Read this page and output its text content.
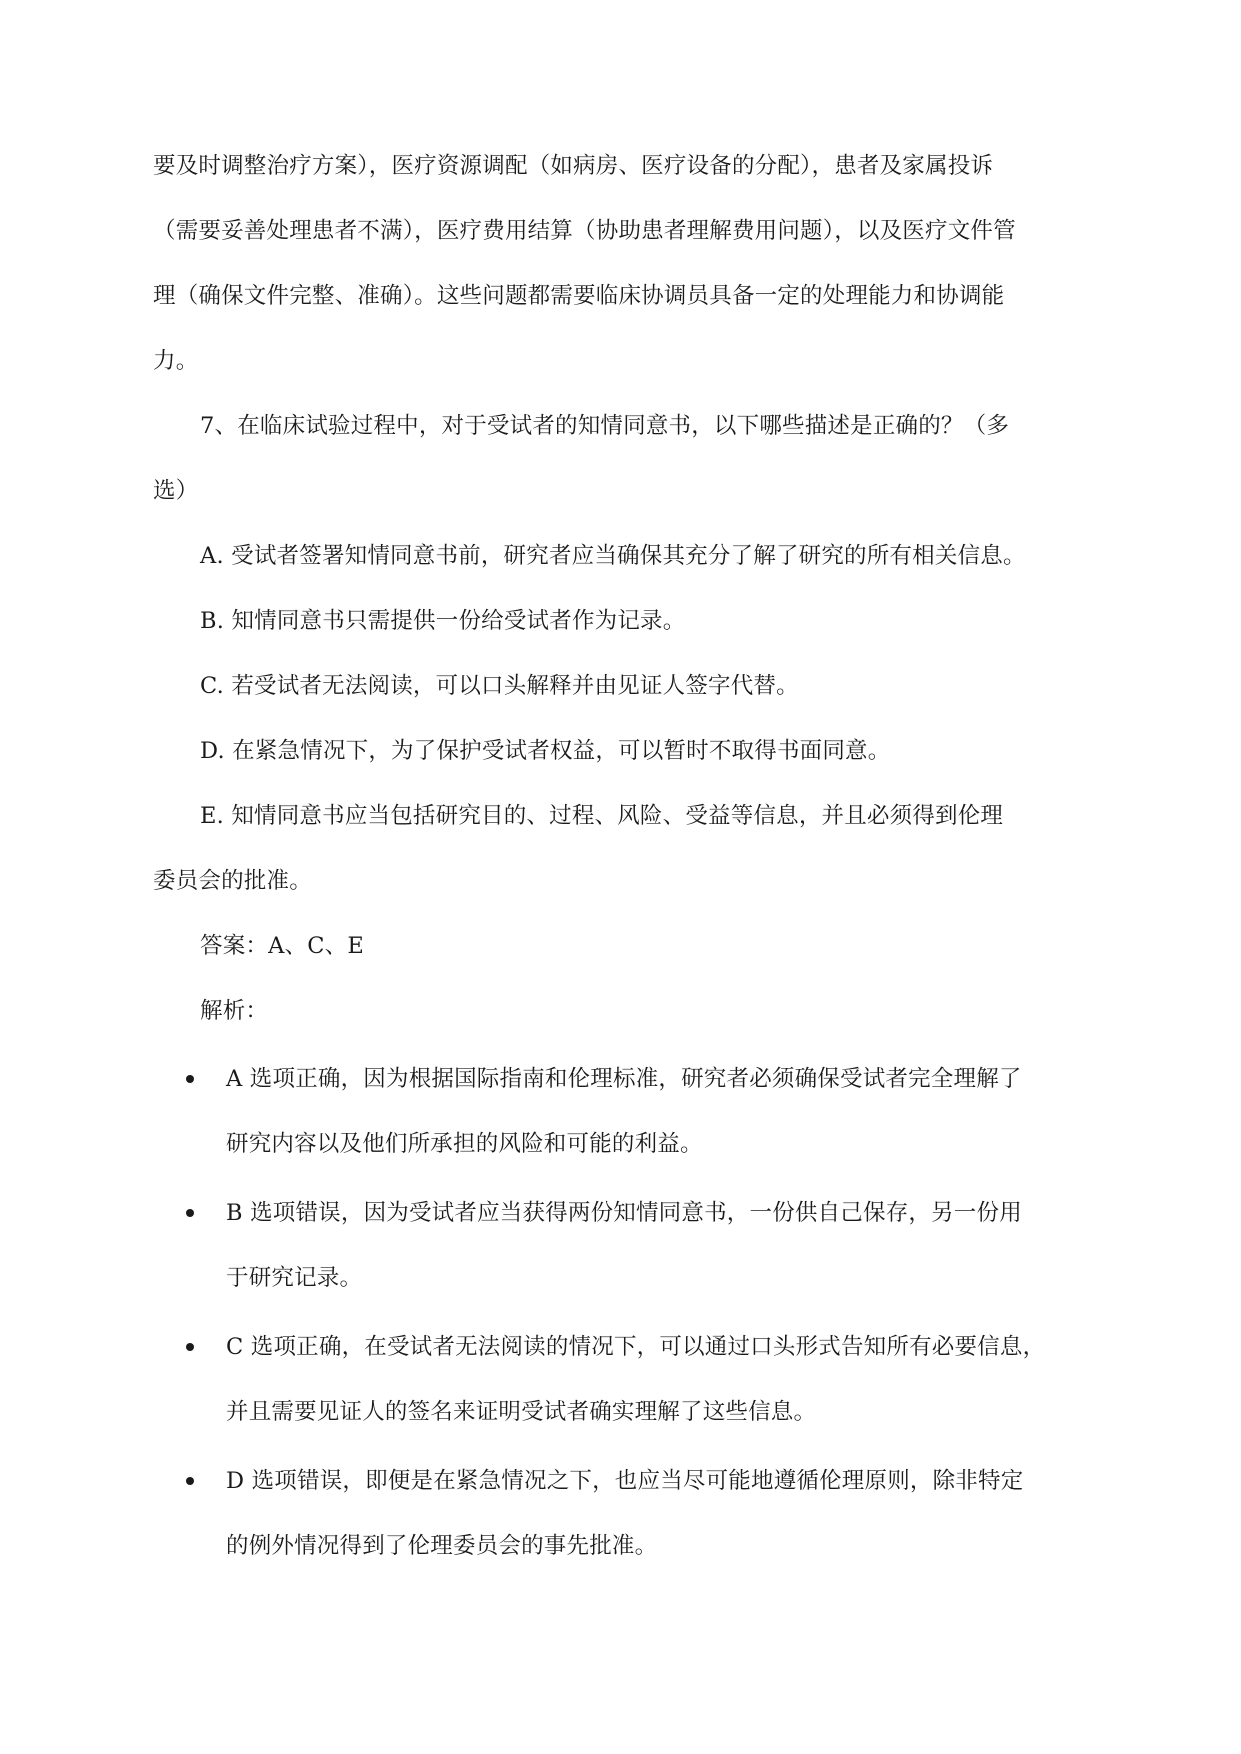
要及时调整治疗方案），医疗资源调配（如病房、医疗设备的分配），患者及家属投诉
（需要妥善处理患者不满），医疗费用结算（协助患者理解费用问题），以及医疗文件管
理（确保文件完整、准确）。这些问题都需要临床协调员具备一定的处理能力和协调能
力。
7、在临床试验过程中，对于受试者的知情同意书，以下哪些描述是正确的？（多
选）
A. 受试者签署知情同意书前，研究者应当确保其充分了解了研究的所有相关信息。
B. 知情同意书只需提供一份给受试者作为记录。
C. 若受试者无法阅读，可以口头解释并由见证人签字代替。
D. 在紧急情况下，为了保护受试者权益，可以暂时不取得书面同意。
E. 知情同意书应当包括研究目的、过程、风险、受益等信息，并且必须得到伦理
委员会的批准。
答案：A、C、E
解析：
A 选项正确，因为根据国际指南和伦理标准，研究者必须确保受试者完全理解了
研究内容以及他们所承担的风险和可能的利益。
B 选项错误，因为受试者应当获得两份知情同意书，一份供自己保存，另一份用
于研究记录。
C 选项正确，在受试者无法阅读的情况下，可以通过口头形式告知所有必要信息，
并且需要见证人的签名来证明受试者确实理解了这些信息。
D 选项错误，即便是在紧急情况之下，也应当尽可能地遵循伦理原则，除非特定
的例外情况得到了伦理委员会的事先批准。
